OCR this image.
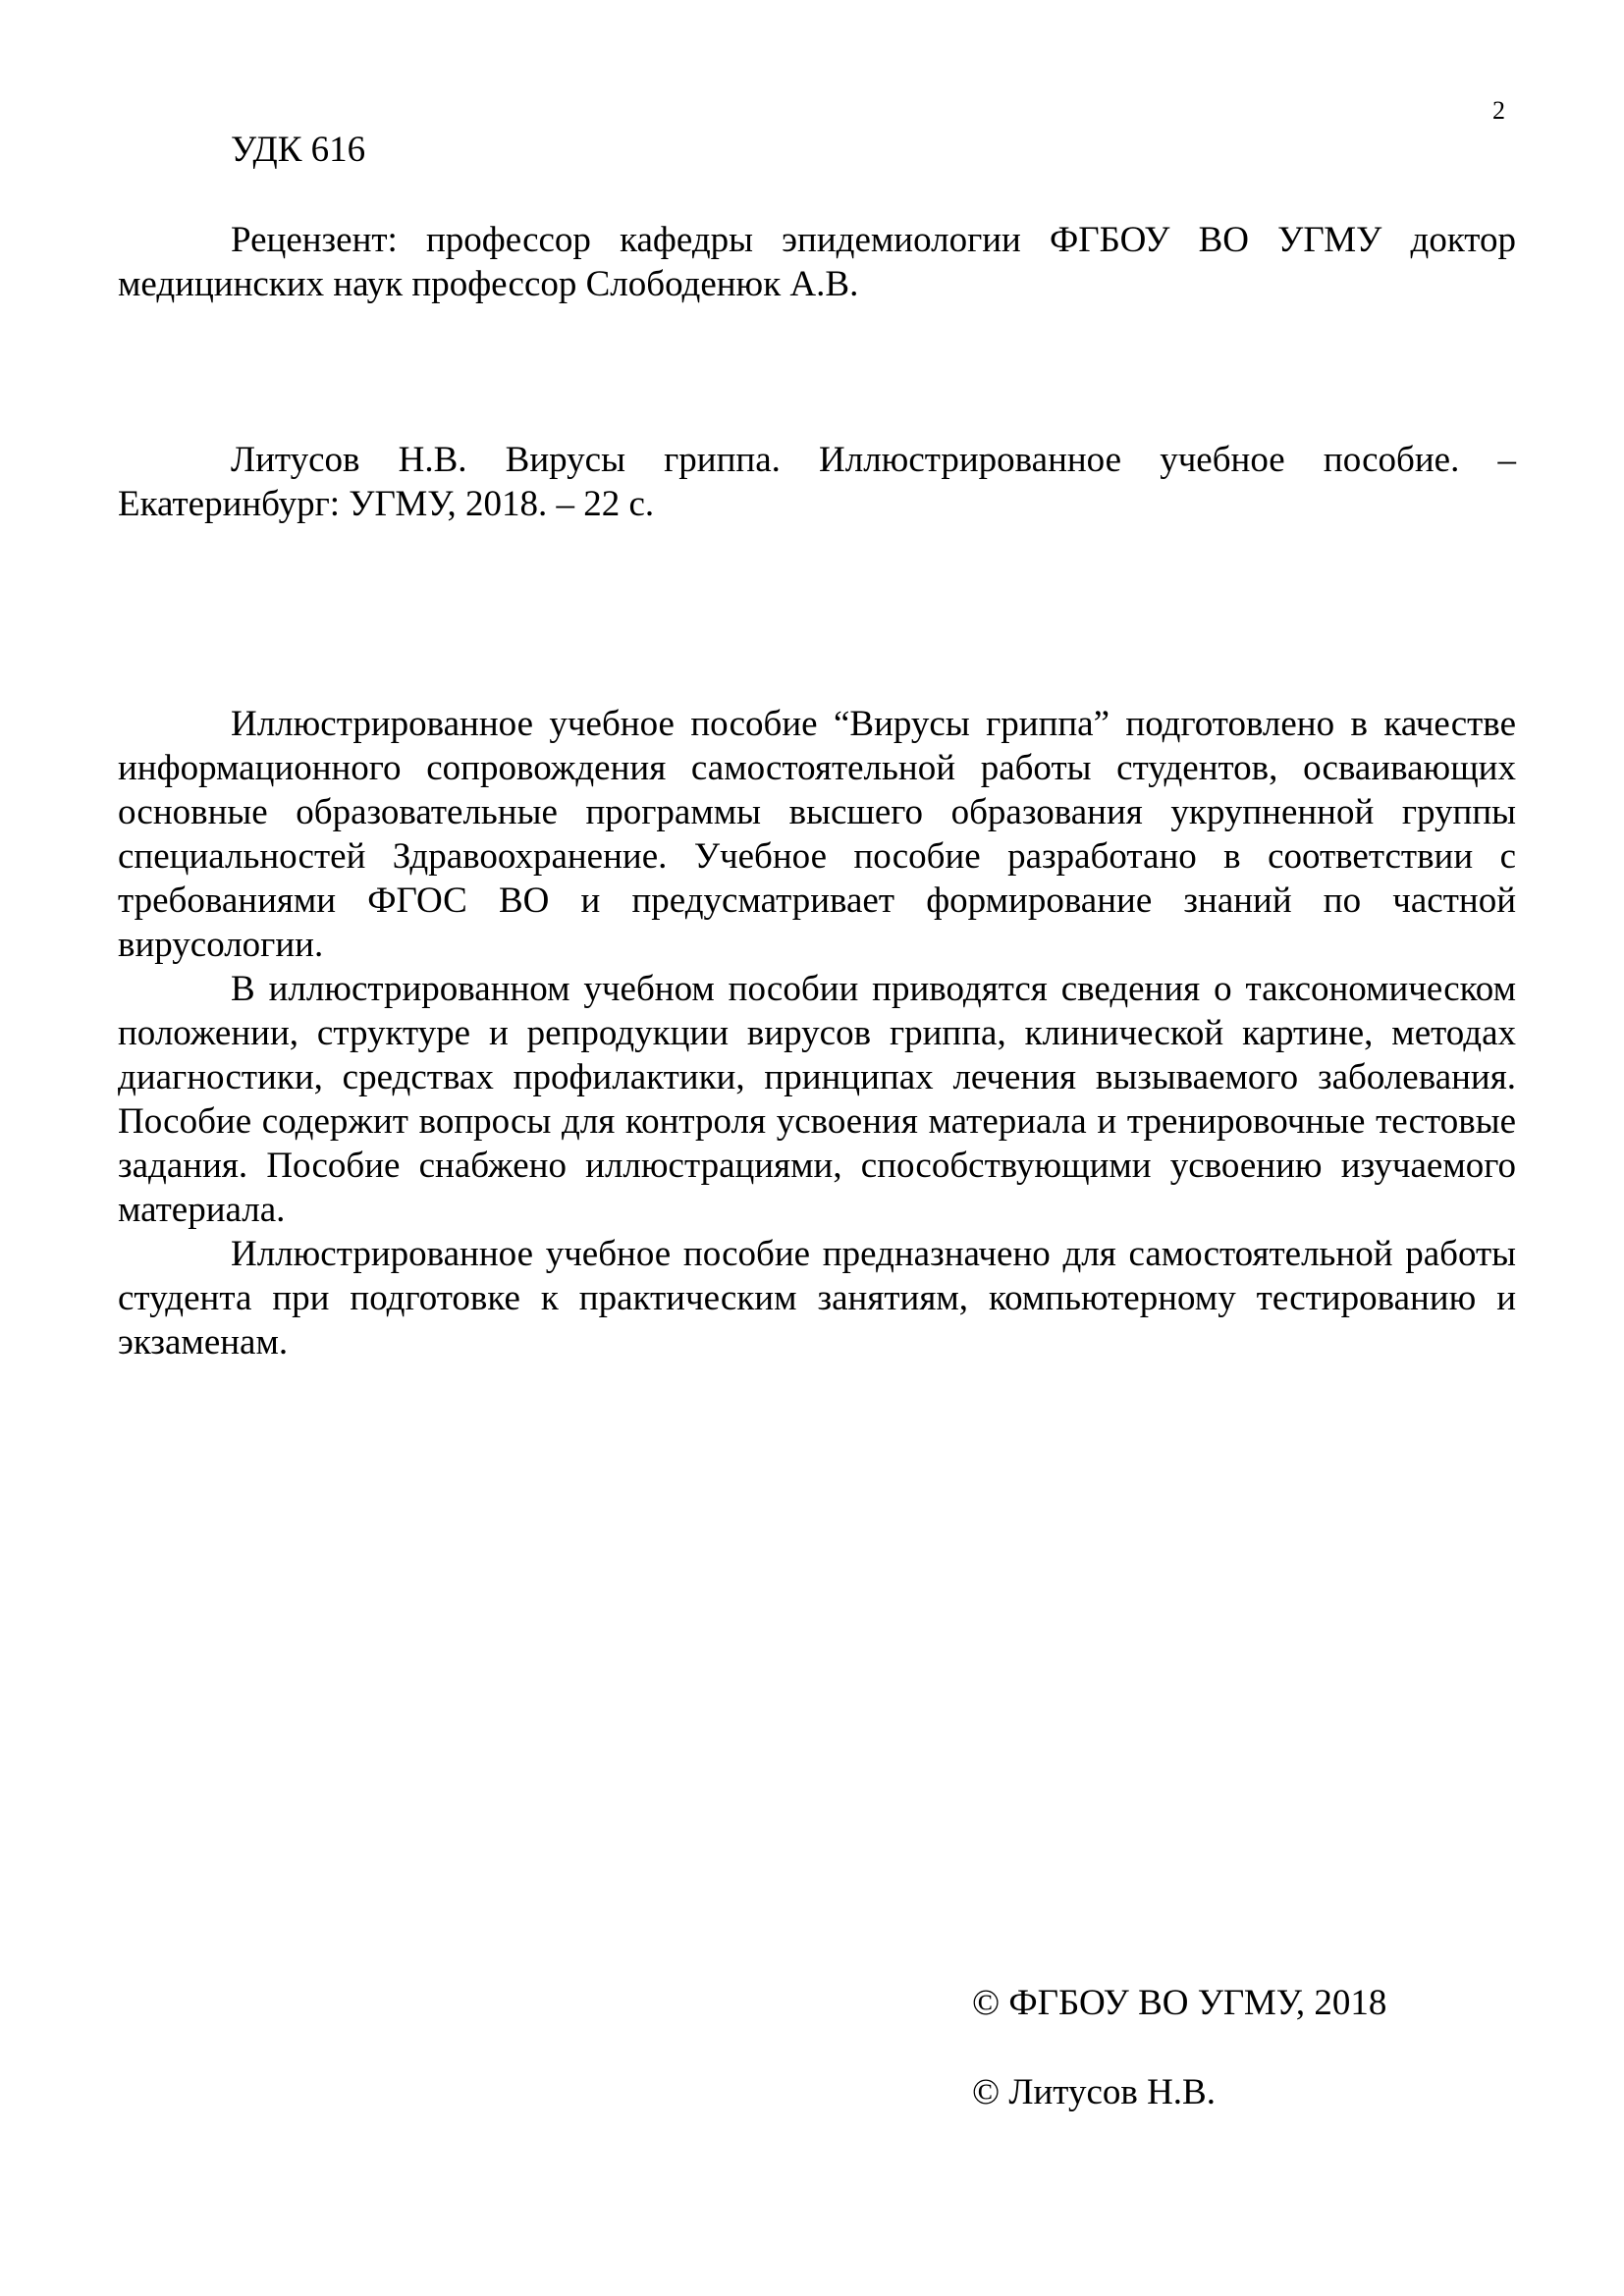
2
УДК 616

Рецензент: профессор кафедры эпидемиологии ФГБОУ ВО УГМУ доктор медицинских наук профессор Слободенюк А.В.

Литусов Н.В. Вирусы гриппа. Иллюстрированное учебное пособие. – Екатеринбург: УГМУ, 2018. – 22 с.

Иллюстрированное учебное пособие “Вирусы гриппа” подготовлено в качестве информационного сопровождения самостоятельной работы студентов, осваивающих основные образовательные программы высшего образования укрупненной группы специальностей Здравоохранение. Учебное пособие разработано в соответствии с требованиями ФГОС ВО и предусматривает формирование знаний по частной вирусологии.

В иллюстрированном учебном пособии приводятся сведения о таксономическом положении, структуре и репродукции вирусов гриппа, клинической картине, методах диагностики, средствах профилактики, принципах лечения вызываемого заболевания. Пособие содержит вопросы для контроля усвоения материала и тренировочные тестовые задания. Пособие снабжено иллюстрациями, способствующими усвоению изучаемого материала.

Иллюстрированное учебное пособие предназначено для самостоятельной работы студента при подготовке к практическим занятиям, компьютерному тестированию и экзаменам.

© ФГБОУ ВО УГМУ, 2018
© Литусов Н.В.
